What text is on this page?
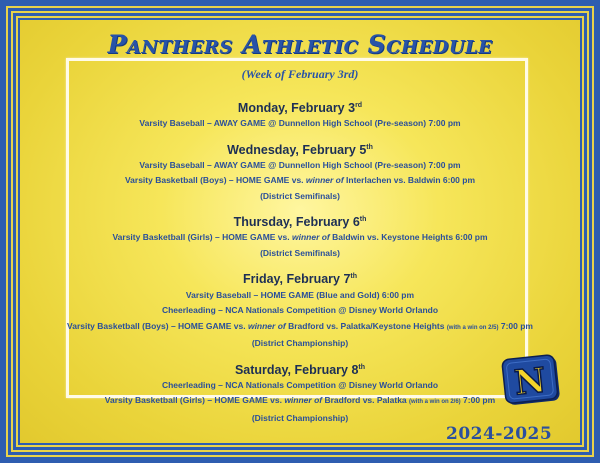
Panthers Athletic Schedule
(Week of February 3rd)
Monday, February 3rd
Varsity Baseball – AWAY GAME @ Dunnellon High School (Pre-season) 7:00 pm
Wednesday, February 5th
Varsity Baseball – AWAY GAME @ Dunnellon High School (Pre-season) 7:00 pm
Varsity Basketball (Boys) – HOME GAME vs. winner of Interlachen vs. Baldwin 6:00 pm
(District Semifinals)
Thursday, February 6th
Varsity Basketball (Girls) – HOME GAME vs. winner of Baldwin vs. Keystone Heights 6:00 pm
(District Semifinals)
Friday, February 7th
Varsity Baseball – HOME GAME (Blue and Gold) 6:00 pm
Cheerleading – NCA Nationals Competition @ Disney World Orlando
Varsity Basketball (Boys) – HOME GAME vs. winner of Bradford vs. Palatka/Keystone Heights (with a win on 2/5) 7:00 pm
(District Championship)
Saturday, February 8th
Cheerleading – NCA Nationals Competition @ Disney World Orlando
Varsity Basketball (Girls) – HOME GAME vs. winner of Bradford vs. Palatka (with a win on 2/6) 7:00 pm
(District Championship)
N
2024-2025
